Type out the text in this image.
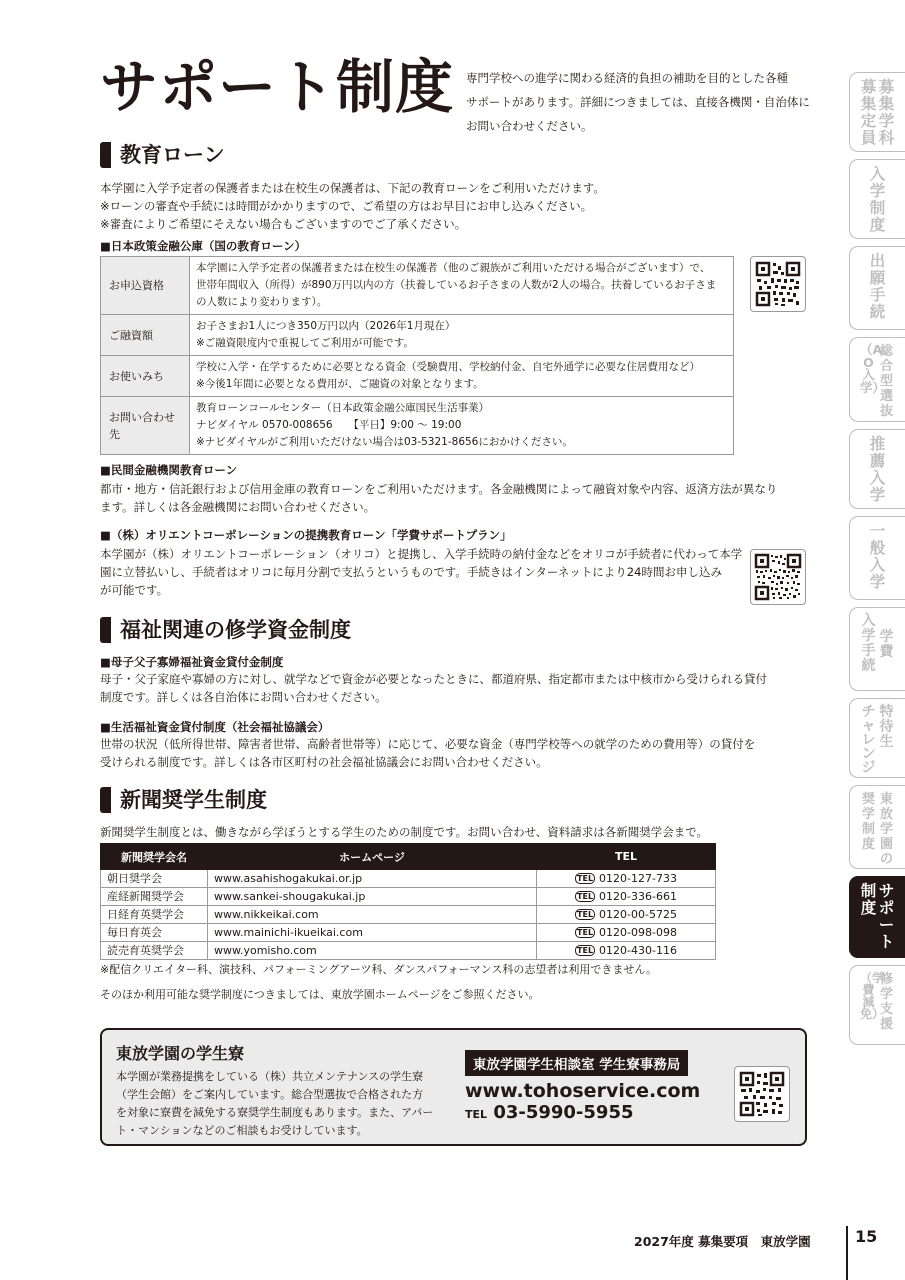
サポート制度 専門学校への進学に関わる経済的負担の補助を目的とした各種
サポートがあります。詳細につきましては、直接各機関・自治体に
お問い合わせください。
教育ローン
本学園に入学予定者の保護者または在校生の保護者は、下記の教育ローンをご利用いただけます。
※ローンの審査や手続には時間がかかりますので、ご希望の方はお早目にお申し込みください。
※審査によりご希望にそえない場合もございますのでご了承ください。
■日本政策金融公庫（国の教育ローン）
お申込資格	本学園に入学予定者の保護者または在校生の保護者（他のご親族がご利用いただける場合がございます）で、
世帯年間収入（所得）が890万円以内の方（扶養しているお子さまの人数が2人の場合。扶養しているお子さま
の人数により変わります）。

ご融資額	お子さまお1人につき350万円以内（2026年1月現在）
※ご融資限度内で重視してご利用が可能です。

お使いみち	学校に入学・在学するために必要となる資金（受験費用、学校納付金、自宅外通学に必要な住居費用など）
※今後1年間に必要となる費用が、ご融資の対象となります。

お問い合わせ先	教育ローンコールセンター（日本政策金融公庫国民生活事業）
ナビダイヤル 0570-008656　　【平日】9:00 ～ 19:00
※ナビダイヤルがご利用いただけない場合は03-5321-8656におかけください。
■民間金融機関教育ローン
都市・地方・信託銀行および信用金庫の教育ローンをご利用いただけます。各金融機関によって融資対象や内容、返済方法が異なり
ます。詳しくは各金融機関にお問い合わせください。
■（株）オリエントコーポレーションの提携教育ローン「学費サポートプラン」
本学園が（株）オリエントコーポレーション（オリコ）と提携し、入学手続時の納付金などをオリコが手続者に代わって本学
園に立替払いし、手続者はオリコに毎月分割で支払うというものです。手続きはインターネットにより24時間お申し込み
が可能です。
福祉関連の修学資金制度
■母子父子寡婦福祉資金貸付金制度
母子・父子家庭や寡婦の方に対し、就学などで資金が必要となったときに、都道府県、指定都市または中核市から受けられる貸付
制度です。詳しくは各自治体にお問い合わせください。
■生活福祉資金貸付制度（社会福祉協議会）
世帯の状況（低所得世帯、障害者世帯、高齢者世帯等）に応じて、必要な資金（専門学校等への就学のための費用等）の貸付を
受けられる制度です。詳しくは各市区町村の社会福祉協議会にお問い合わせください。
新聞奨学生制度
新聞奨学生制度とは、働きながら学ぼうとする学生のための制度です。お問い合わせ、資料請求は各新聞奨学会まで。
新聞奨学会名	ホームページ	TEL
朝日奨学会	www.asahishogakukai.or.jp	TEL 0120-127-733
産経新聞奨学会	www.sankei-shougakukai.jp	TEL 0120-336-661
日経育英奨学会	www.nikkeikai.com	TEL 0120-00-5725
毎日育英会	www.mainichi-ikueikai.com	TEL 0120-098-098
読売育英奨学会	www.yomisho.com	TEL 0120-430-116
※配信クリエイター科、演技科、パフォーミングアーツ科、ダンスパフォーマンス科の志望者は利用できません。
そのほか利用可能な奨学制度につきましては、東放学園ホームページをご参照ください。
東放学園の学生寮
本学園が業務提携をしている（株）共立メンテナンスの学生寮
（学生会館）をご案内しています。総合型選抜で合格された方
を対象に寮費を減免する寮奨学生制度もあります。また、アパー
ト・マンションなどのご相談もお受けしています。
東放学園学生相談室 学生寮事務局
www.tohoservice.com
TEL 03-5990-5955
募集定員
募集学科
入学制度
出願手続
（AO入学）
総合型選抜
推薦入学
一般入学
入学手続
学費
チャレンジ
特待生
奨学制度
東放学園の
制度
サポート
（学費減免）
修学支援
2027年度 募集要項　東放学園	15
